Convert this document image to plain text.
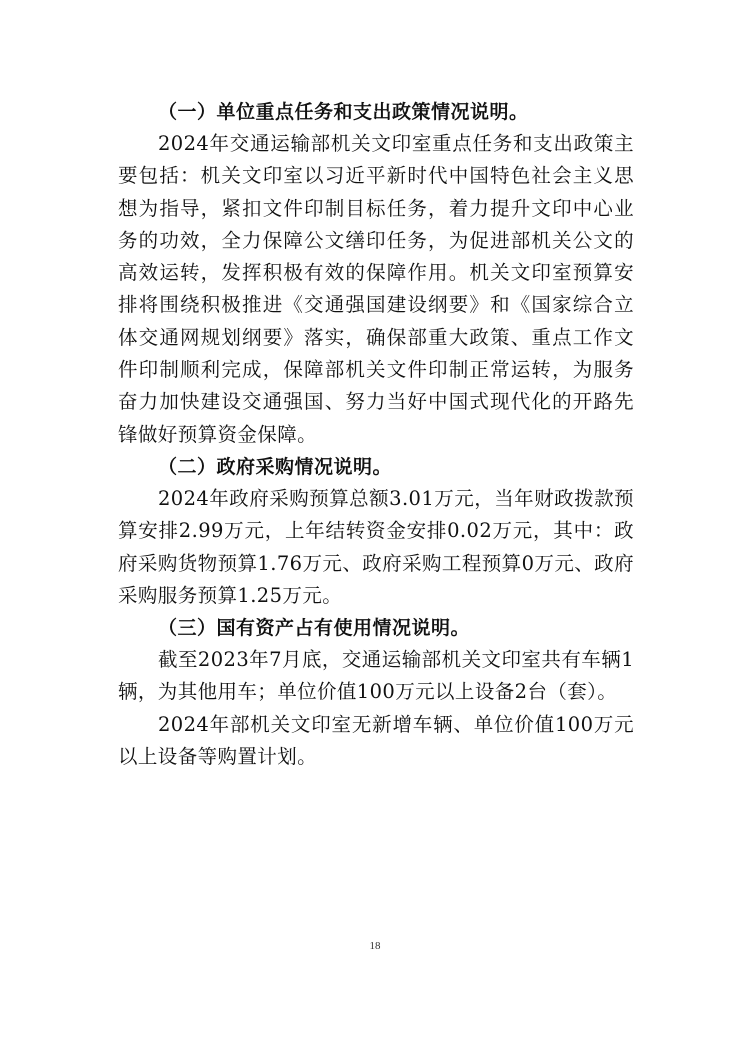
（一）单位重点任务和支出政策情况说明。

2024年交通运输部机关文印室重点任务和支出政策主要包括：机关文印室以习近平新时代中国特色社会主义思想为指导，紧扣文件印制目标任务，着力提升文印中心业务的功效，全力保障公文缮印任务，为促进部机关公文的高效运转，发挥积极有效的保障作用。机关文印室预算安排将围绕积极推进《交通强国建设纲要》和《国家综合立体交通网规划纲要》落实，确保部重大政策、重点工作文件印制顺利完成，保障部机关文件印制正常运转，为服务奋力加快建设交通强国、努力当好中国式现代化的开路先锋做好预算资金保障。

（二）政府采购情况说明。

2024年政府采购预算总额3.01万元，当年财政拨款预算安排2.99万元，上年结转资金安排0.02万元，其中：政府采购货物预算1.76万元、政府采购工程预算0万元、政府采购服务预算1.25万元。

（三）国有资产占有使用情况说明。

截至2023年7月底，交通运输部机关文印室共有车辆1辆，为其他用车；单位价值100万元以上设备2台（套）。

2024年部机关文印室无新增车辆、单位价值100万元以上设备等购置计划。

18
